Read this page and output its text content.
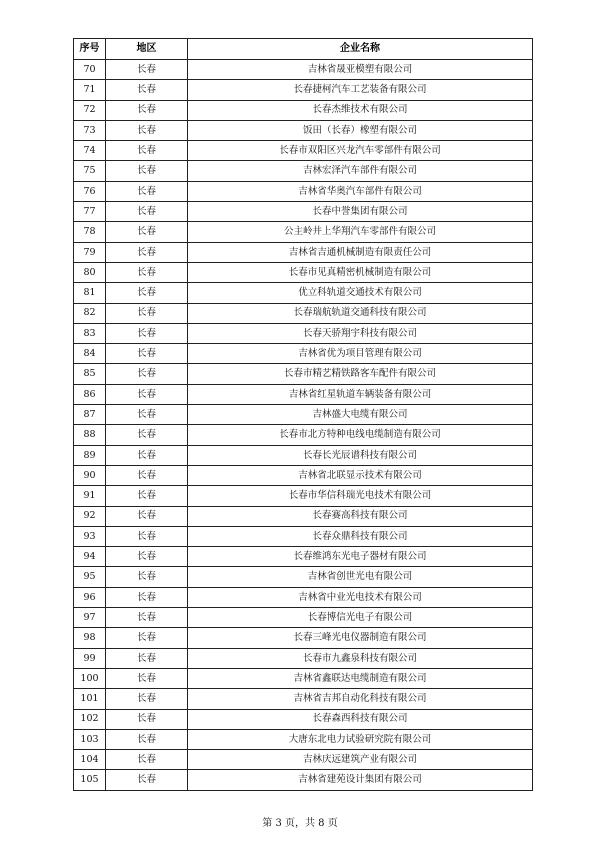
序号	地区	企业名称
70	长春	吉林省晟亚模塑有限公司
71	长春	长春捷柯汽车工艺装备有限公司
72	长春	长春杰维技术有限公司
73	长春	饭田（长春）橡塑有限公司
74	长春	长春市双阳区兴龙汽车零部件有限公司
75	长春	吉林宏泽汽车部件有限公司
76	长春	吉林省华奥汽车部件有限公司
77	长春	长春中誉集团有限公司
78	长春	公主岭井上华翔汽车零部件有限公司
79	长春	吉林省吉通机械制造有限责任公司
80	长春	长春市见真精密机械制造有限公司
81	长春	优立科轨道交通技术有限公司
82	长春	长春瑞航轨道交通科技有限公司
83	长春	长春天骄翔宇科技有限公司
84	长春	吉林省优为项目管理有限公司
85	长春	长春市精艺精铁路客车配件有限公司
86	长春	吉林省红星轨道车辆装备有限公司
87	长春	吉林盛大电缆有限公司
88	长春	长春市北方特种电线电缆制造有限公司
89	长春	长春长光辰谱科技有限公司
90	长春	吉林省北联显示技术有限公司
91	长春	长春市华信科瑞光电技术有限公司
92	长春	长春赛高科技有限公司
93	长春	长春众鼎科技有限公司
94	长春	长春维鸿东光电子器材有限公司
95	长春	吉林省创世光电有限公司
96	长春	吉林省中业光电技术有限公司
97	长春	长春博信光电子有限公司
98	长春	长春三峰光电仪器制造有限公司
99	长春	长春市九鑫泉科技有限公司
100	长春	吉林省鑫联达电缆制造有限公司
101	长春	吉林省吉邦自动化科技有限公司
102	长春	长春森西科技有限公司
103	长春	大唐东北电力试验研究院有限公司
104	长春	吉林庆远建筑产业有限公司
105	长春	吉林省建苑设计集团有限公司
第 3 页，共 8 页
